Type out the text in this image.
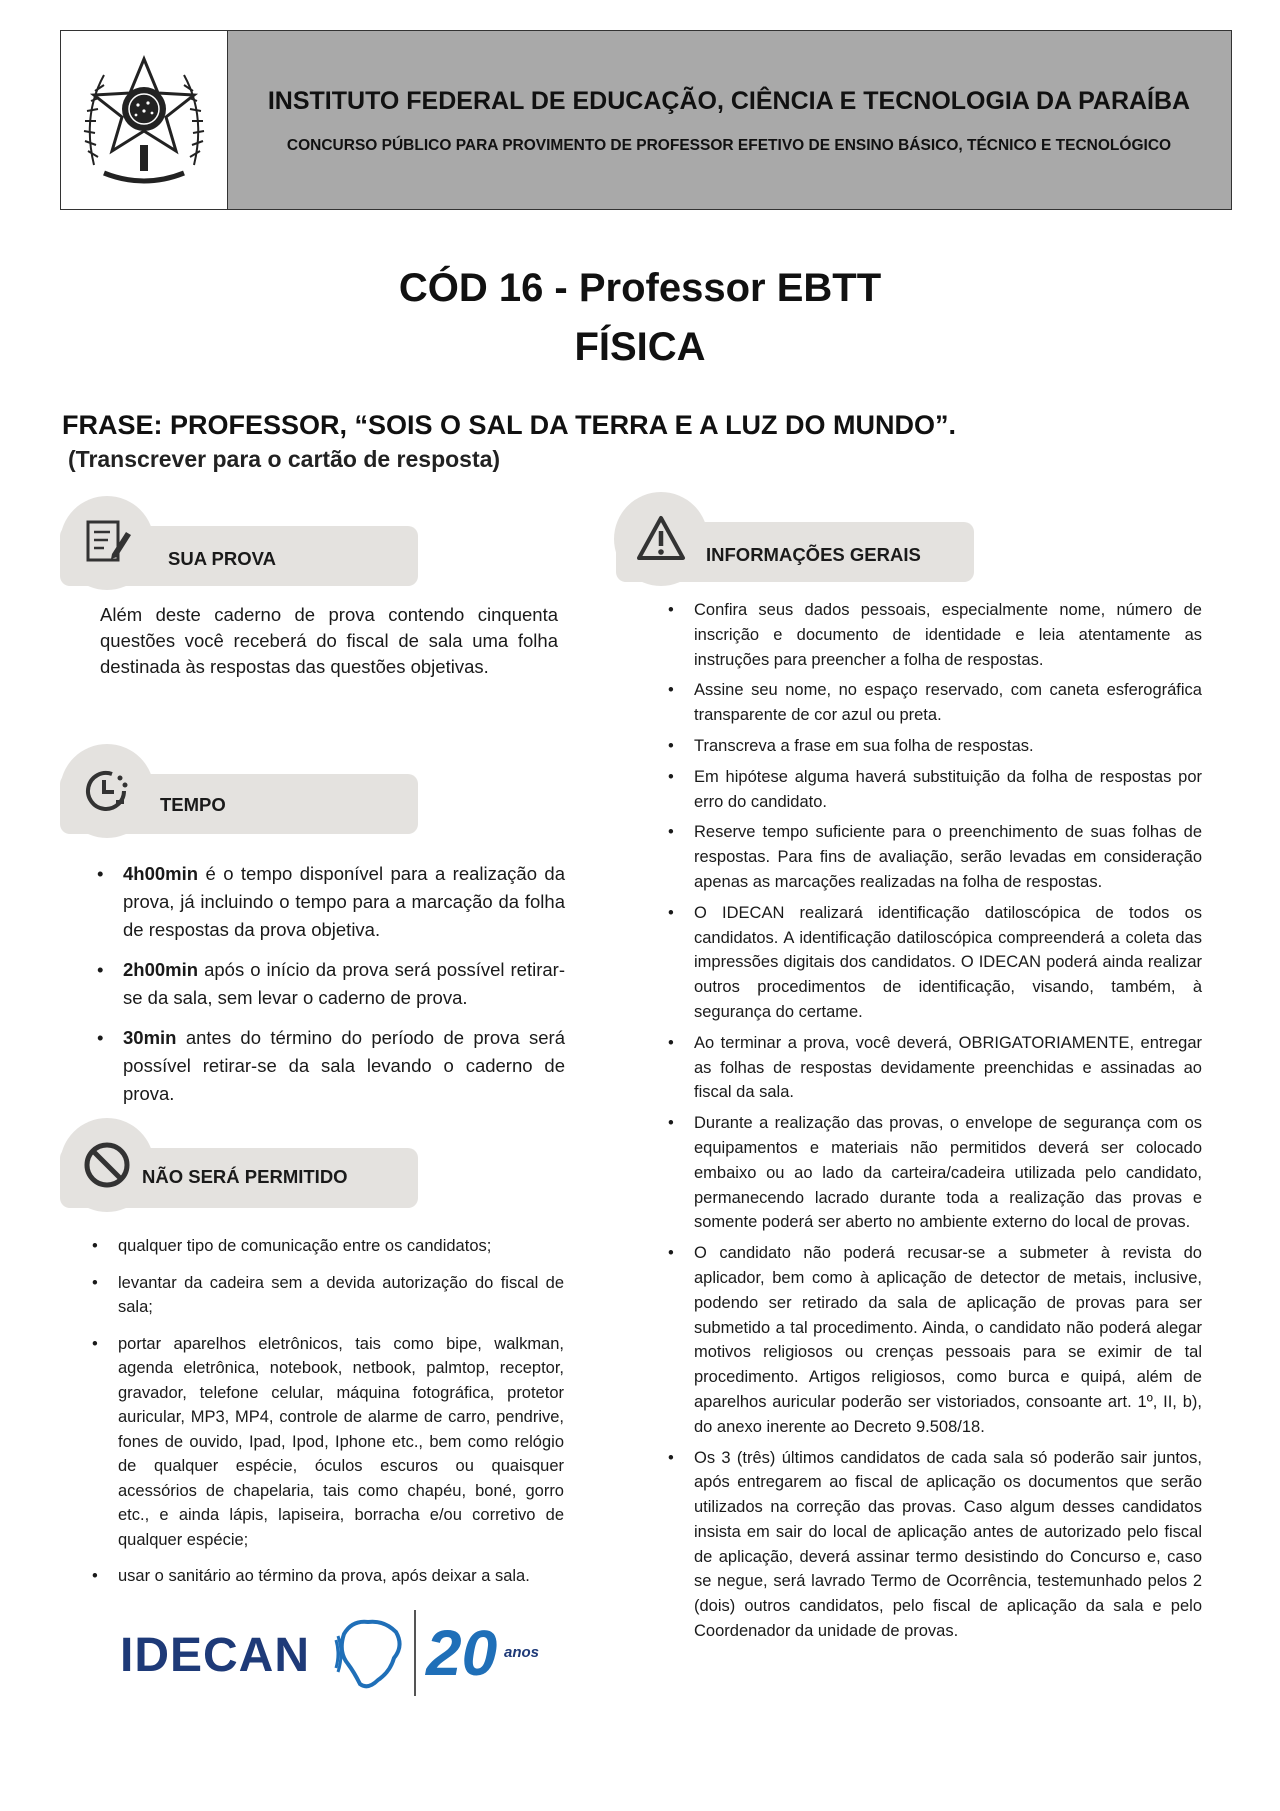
INSTITUTO FEDERAL DE EDUCAÇÃO, CIÊNCIA E TECNOLOGIA DA PARAÍBA
CONCURSO PÚBLICO PARA PROVIMENTO DE PROFESSOR EFETIVO DE ENSINO BÁSICO, TÉCNICO E TECNOLÓGICO
CÓD 16 - Professor EBTT
FÍSICA
FRASE: PROFESSOR, “SOIS O SAL DA TERRA E A LUZ DO MUNDO”.
(Transcrever para o cartão de resposta)
SUA PROVA
Além deste caderno de prova contendo cinquenta questões você receberá do fiscal de sala uma folha destinada às respostas das questões objetivas.
TEMPO
• 4h00min é o tempo disponível para a realização da prova, já incluindo o tempo para a marcação da folha de respostas da prova objetiva.
• 2h00min após o início da prova será possível retirar-se da sala, sem levar o caderno de prova.
• 30min antes do término do período de prova será possível retirar-se da sala levando o caderno de prova.
NÃO SERÁ PERMITIDO
• qualquer tipo de comunicação entre os candidatos;
• levantar da cadeira sem a devida autorização do fiscal de sala;
• portar aparelhos eletrônicos, tais como bipe, walkman, agenda eletrônica, notebook, netbook, palmtop, receptor, gravador, telefone celular, máquina fotográfica, protetor auricular, MP3, MP4, controle de alarme de carro, pendrive, fones de ouvido, Ipad, Ipod, Iphone etc., bem como relógio de qualquer espécie, óculos escuros ou quaisquer acessórios de chapelaria, tais como chapéu, boné, gorro etc., e ainda lápis, lapiseira, borracha e/ou corretivo de qualquer espécie;
• usar o sanitário ao término da prova, após deixar a sala.
IDECAN 20 anos
INFORMAÇÕES GERAIS
• Confira seus dados pessoais, especialmente nome, número de inscrição e documento de identidade e leia atentamente as instruções para preencher a folha de respostas.
• Assine seu nome, no espaço reservado, com caneta esferográfica transparente de cor azul ou preta.
• Transcreva a frase em sua folha de respostas.
• Em hipótese alguma haverá substituição da folha de respostas por erro do candidato.
• Reserve tempo suficiente para o preenchimento de suas folhas de respostas. Para fins de avaliação, serão levadas em consideração apenas as marcações realizadas na folha de respostas.
• O IDECAN realizará identificação datiloscópica de todos os candidatos. A identificação datiloscópica compreenderá a coleta das impressões digitais dos candidatos. O IDECAN poderá ainda realizar outros procedimentos de identificação, visando, também, à segurança do certame.
• Ao terminar a prova, você deverá, OBRIGATORIAMENTE, entregar as folhas de respostas devidamente preenchidas e assinadas ao fiscal da sala.
• Durante a realização das provas, o envelope de segurança com os equipamentos e materiais não permitidos deverá ser colocado embaixo ou ao lado da carteira/cadeira utilizada pelo candidato, permanecendo lacrado durante toda a realização das provas e somente poderá ser aberto no ambiente externo do local de provas.
• O candidato não poderá recusar-se a submeter à revista do aplicador, bem como à aplicação de detector de metais, inclusive, podendo ser retirado da sala de aplicação de provas para ser submetido a tal procedimento. Ainda, o candidato não poderá alegar motivos religiosos ou crenças pessoais para se eximir de tal procedimento. Artigos religiosos, como burca e quipá, além de aparelhos auricular poderão ser vistoriados, consoante art. 1º, II, b), do anexo inerente ao Decreto 9.508/18.
• Os 3 (três) últimos candidatos de cada sala só poderão sair juntos, após entregarem ao fiscal de aplicação os documentos que serão utilizados na correção das provas. Caso algum desses candidatos insista em sair do local de aplicação antes de autorizado pelo fiscal de aplicação, deverá assinar termo desistindo do Concurso e, caso se negue, será lavrado Termo de Ocorrência, testemunhado pelos 2 (dois) outros candidatos, pelo fiscal de aplicação da sala e pelo Coordenador da unidade de provas.
